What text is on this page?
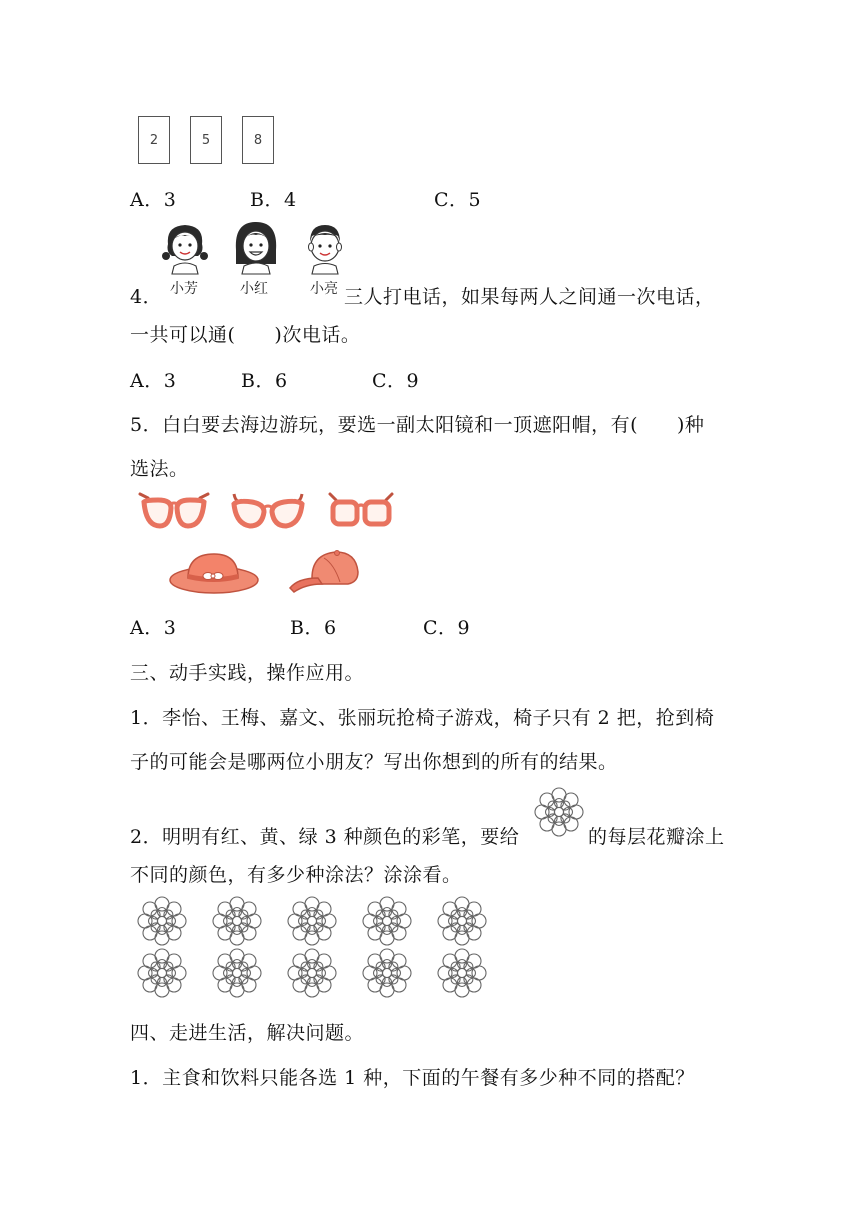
2	5	8
A．3	B．4	C．5
4． 小芳	小红	小亮 三人打电话，如果每两人之间通一次电话，
一共可以通(　　)次电话。
A．3	B．6	C．9
5．白白要去海边游玩，要选一副太阳镜和一顶遮阳帽，有(　　)种
选法。
A．3	B．6	C．9
三、动手实践，操作应用。
1．李怡、王梅、嘉文、张丽玩抢椅子游戏，椅子只有 2 把，抢到椅
子的可能会是哪两位小朋友？写出你想到的所有的结果。
2．明明有红、黄、绿 3 种颜色的彩笔，要给	的每层花瓣涂上
不同的颜色，有多少种涂法？涂涂看。
四、走进生活，解决问题。
1．主食和饮料只能各选 1 种，下面的午餐有多少种不同的搭配？
